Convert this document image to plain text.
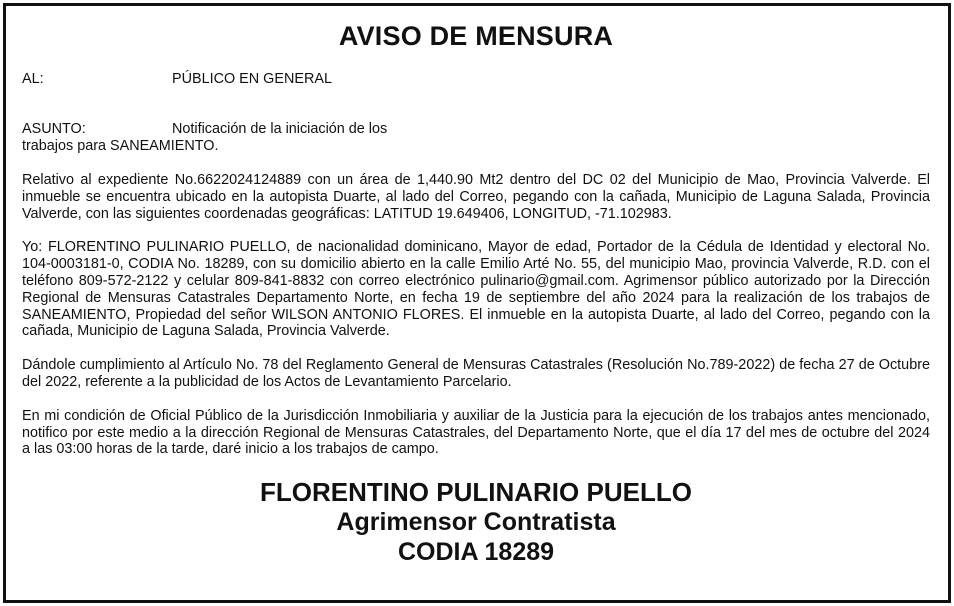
AVISO DE MENSURA
AL:	PÚBLICO EN GENERAL
ASUNTO:	Notificación de la iniciación de los
trabajos para SANEAMIENTO.

Relativo al expediente No.6622024124889 con un área de 1,440.90 Mt2 dentro del DC 02 del Municipio de Mao, Provincia Valverde. El inmueble se encuentra ubicado en la autopista Duarte, al lado del Correo, pegando con la cañada, Municipio de Laguna Salada, Provincia Valverde, con las siguientes coordenadas geográficas: LATITUD 19.649406, LONGITUD, -71.102983.

Yo: FLORENTINO PULINARIO PUELLO, de nacionalidad dominicano, Mayor de edad, Portador de la Cédula de Identidad y electoral No. 104-0003181-0, CODIA No. 18289, con su domicilio abierto en la calle Emilio Arté No. 55, del municipio Mao, provincia Valverde, R.D. con el teléfono 809-572-2122 y celular 809-841-8832 con correo electrónico pulinario@gmail.com. Agrimensor público autorizado por la Dirección Regional de Mensuras Catastrales Departamento Norte, en fecha 19 de septiembre del año 2024 para la realización de los trabajos de SANEAMIENTO, Propiedad del señor WILSON ANTONIO FLORES. El inmueble en la autopista Duarte, al lado del Correo, pegando con la cañada, Municipio de Laguna Salada, Provincia Valverde.

Dándole cumplimiento al Artículo No. 78 del Reglamento General de Mensuras Catastrales (Resolución No.789-2022) de fecha 27 de Octubre del 2022, referente a la publicidad de los Actos de Levantamiento Parcelario.

En mi condición de Oficial Público de la Jurisdicción Inmobiliaria y auxiliar de la Justicia para la ejecución de los trabajos antes mencionado, notifico por este medio a la dirección Regional de Mensuras Catastrales, del Departamento Norte, que el día 17 del mes de octubre del 2024 a las 03:00 horas de la tarde, daré inicio a los trabajos de campo.

FLORENTINO PULINARIO PUELLO

Agrimensor Contratista

CODIA 18289
